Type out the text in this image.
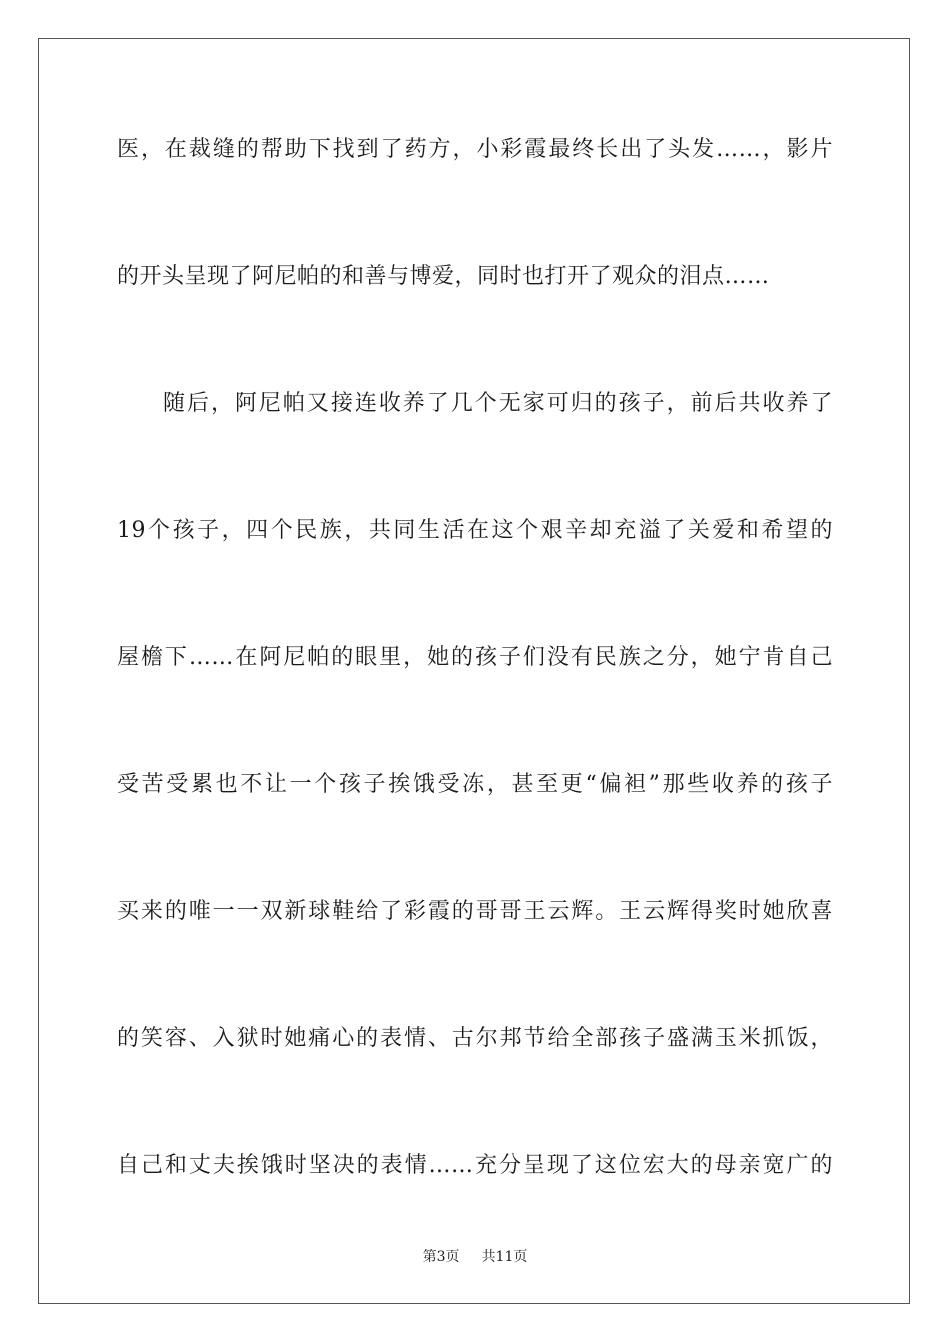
医，在裁缝的帮助下找到了药方，小彩霞最终长出了头发……，影片
的开头呈现了阿尼帕的和善与博爱，同时也打开了观众的泪点……
随后，阿尼帕又接连收养了几个无家可归的孩子，前后共收养了
19个孩子，四个民族，共同生活在这个艰辛却充溢了关爱和希望的
屋檐下……在阿尼帕的眼里，她的孩子们没有民族之分，她宁肯自己
受苦受累也不让一个孩子挨饿受冻，甚至更“偏袒”那些收养的孩子
买来的唯一一双新球鞋给了彩霞的哥哥王云辉。王云辉得奖时她欣喜
的笑容、入狱时她痛心的表情、古尔邦节给全部孩子盛满玉米抓饭，
自己和丈夫挨饿时坚决的表情……充分呈现了这位宏大的母亲宽广的
第3页 共11页
